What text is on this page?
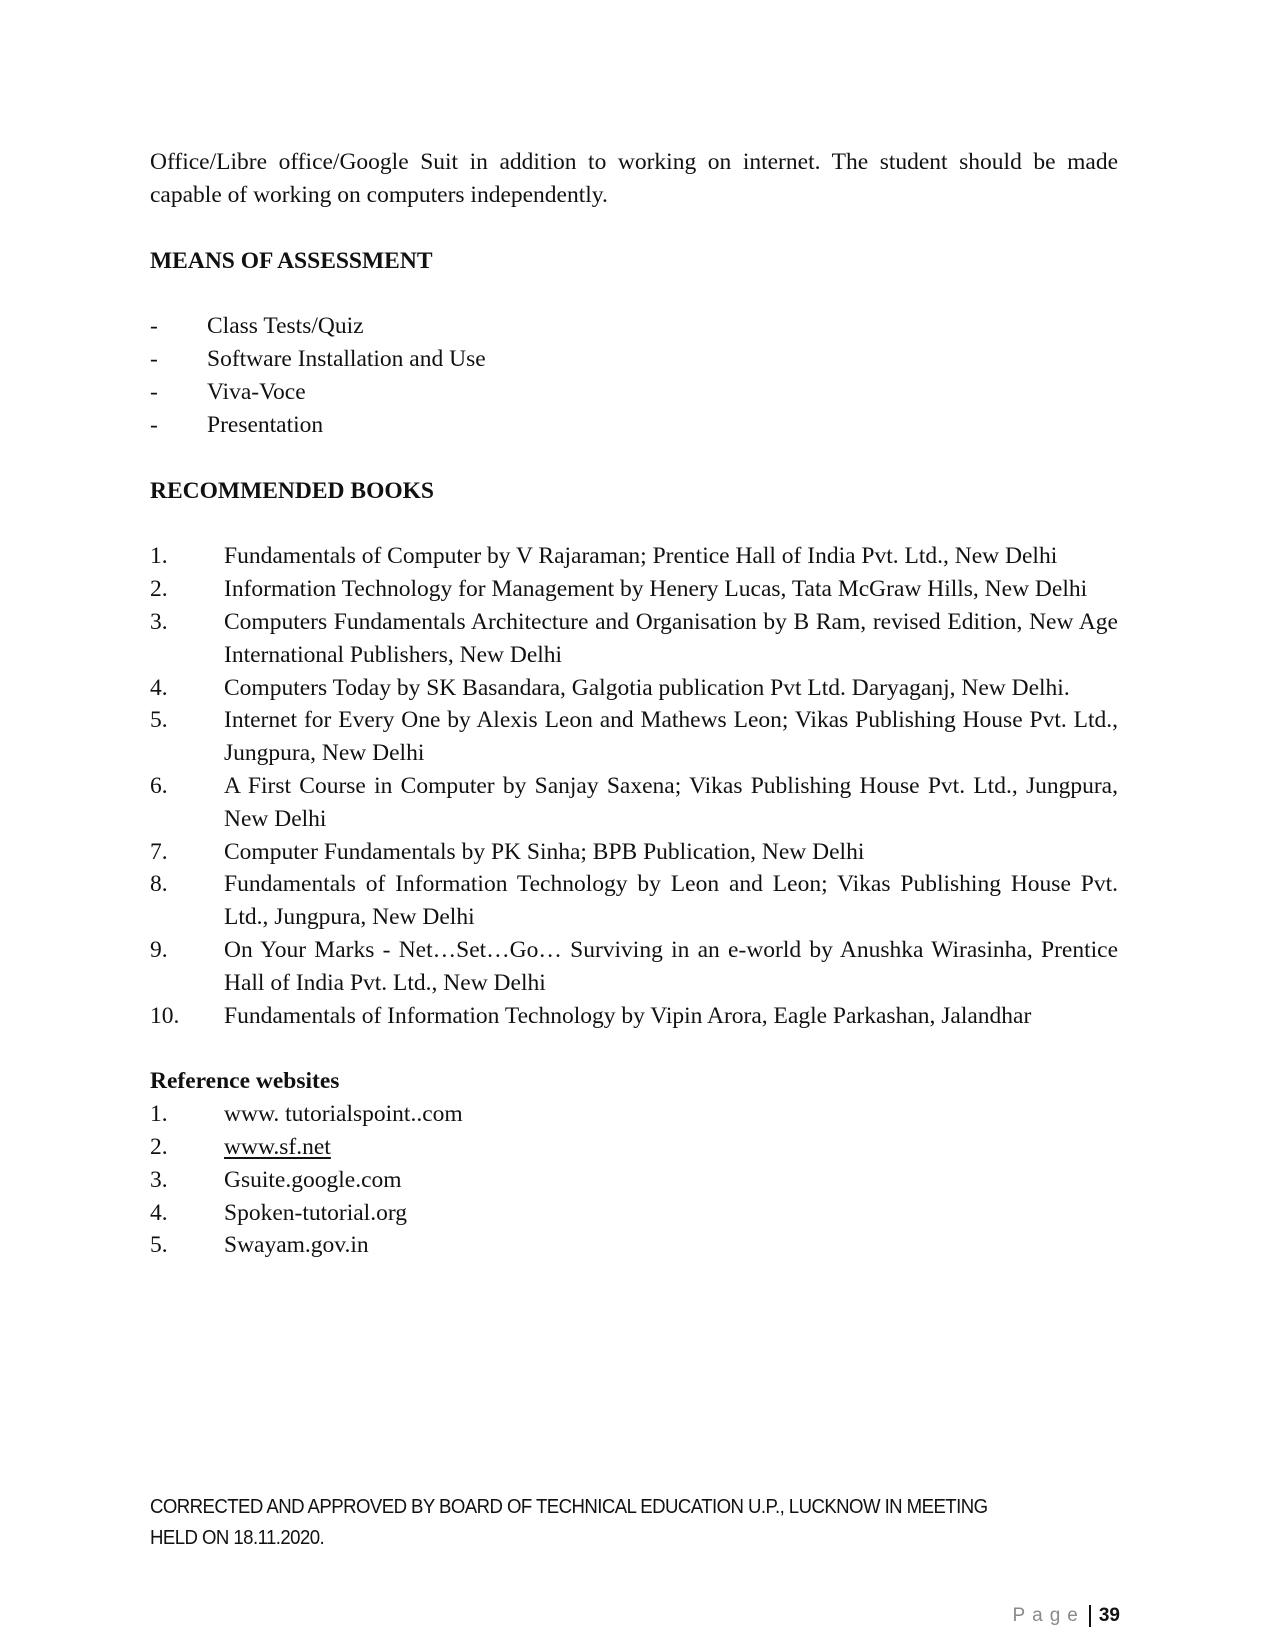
Office/Libre office/Google Suit in addition to working on internet. The student should be made capable of working on computers independently.

MEANS OF ASSESSMENT
- Class Tests/Quiz
- Software Installation and Use
- Viva-Voce
- Presentation
RECOMMENDED BOOKS
1. Fundamentals of Computer by V Rajaraman; Prentice Hall of India Pvt. Ltd., New Delhi
2. Information Technology for Management by Henery Lucas, Tata McGraw Hills, New Delhi
3. Computers Fundamentals Architecture and Organisation by B Ram, revised Edition, New Age International Publishers, New Delhi
4. Computers Today by SK Basandara, Galgotia publication Pvt Ltd. Daryaganj, New Delhi.
5. Internet for Every One by Alexis Leon and Mathews Leon; Vikas Publishing House Pvt. Ltd., Jungpura, New Delhi
6. A First Course in Computer by Sanjay Saxena; Vikas Publishing House Pvt. Ltd., Jungpura, New Delhi
7. Computer Fundamentals by PK Sinha; BPB Publication, New Delhi
8. Fundamentals of Information Technology by Leon and Leon; Vikas Publishing House Pvt. Ltd., Jungpura, New Delhi
9. On Your Marks - Net…Set…Go… Surviving in an e-world by Anushka Wirasinha, Prentice Hall of India Pvt. Ltd., New Delhi
10. Fundamentals of Information Technology by Vipin Arora, Eagle Parkashan, Jalandhar
Reference websites
1. www. tutorialspoint..com
2. www.sf.net
3. Gsuite.google.com
4. Spoken-tutorial.org
5. Swayam.gov.in
CORRECTED AND APPROVED BY BOARD OF TECHNICAL EDUCATION U.P., LUCKNOW IN MEETING
HELD ON 18.11.2020.
Page 39
